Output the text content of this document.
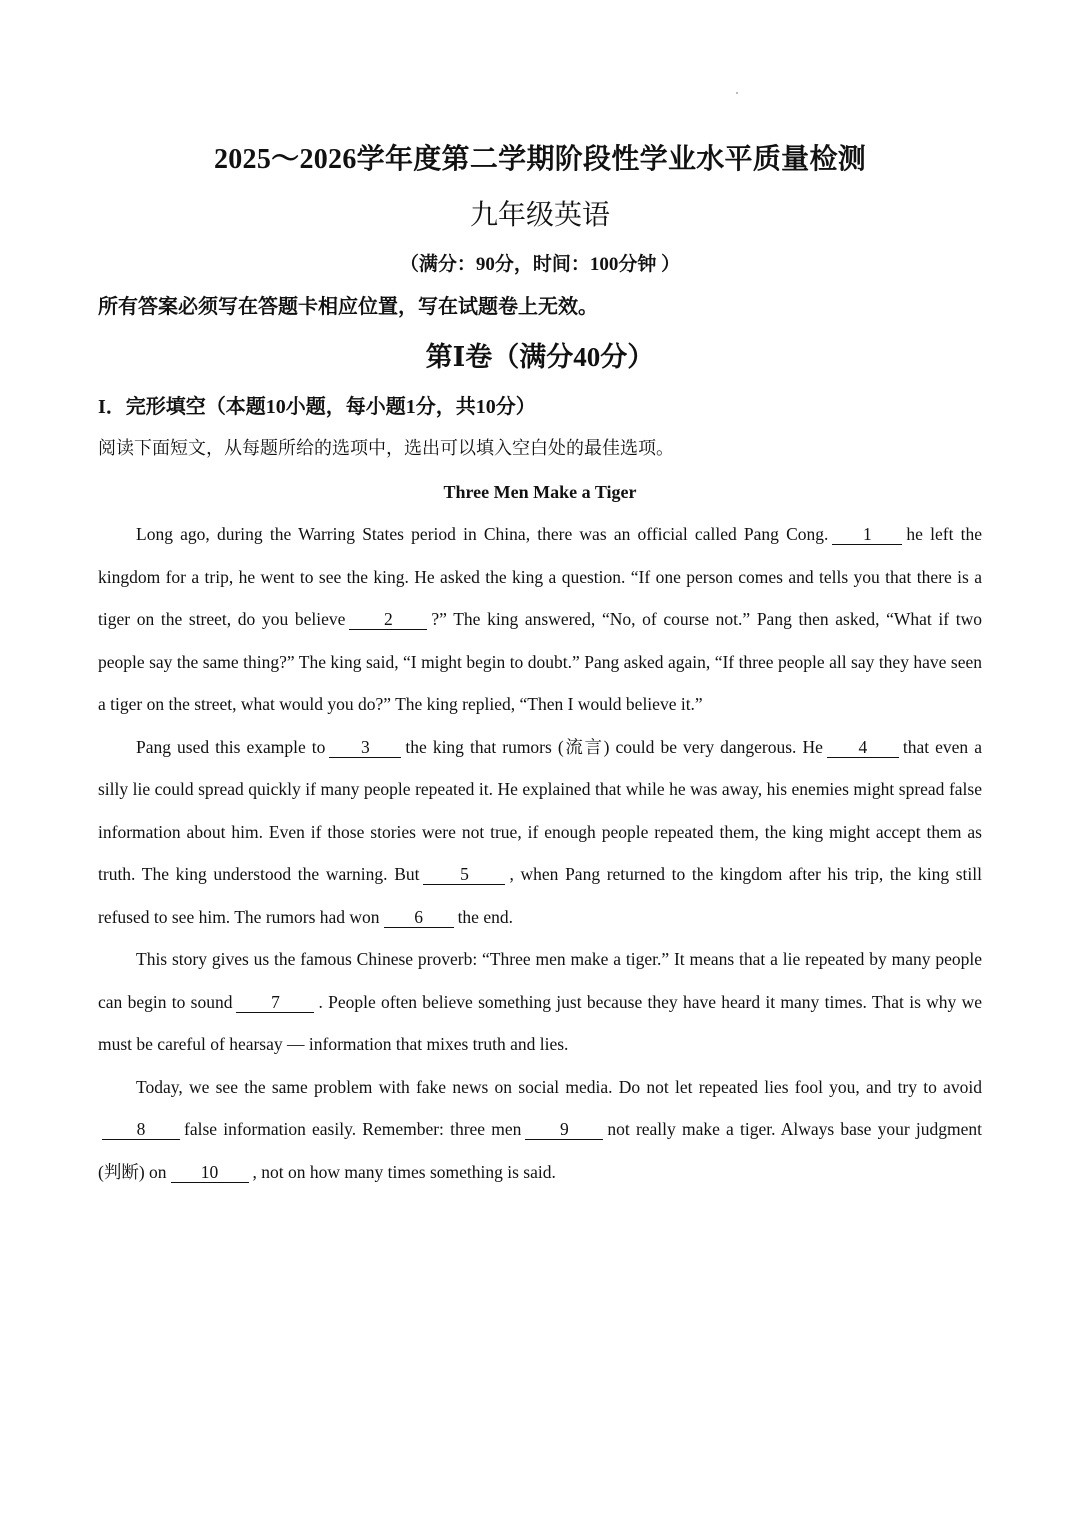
2025～2026学年度第二学期阶段性学业水平质量检测
九年级英语
（满分：90分，时间：100分钟 ）
所有答案必须写在答题卡相应位置，写在试题卷上无效。
第Ⅰ卷（满分40分）
I．完形填空（本题10小题，每小题1分，共10分）
阅读下面短文，从每题所给的选项中，选出可以填入空白处的最佳选项。
Three Men Make a Tiger

Long ago, during the Warring States period in China, there was an official called Pang Cong. 1 he left the kingdom for a trip, he went to see the king. He asked the king a question. “If one person comes and tells you that there is a tiger on the street, do you believe 2 ?” The king answered, “No, of course not.” Pang then asked, “What if two people say the same thing?” The king said, “I might begin to doubt.” Pang asked again, “If three people all say they have seen a tiger on the street, what would you do?” The king replied, “Then I would believe it.”

Pang used this example to 3 the king that rumors (流言) could be very dangerous. He 4 that even a silly lie could spread quickly if many people repeated it. He explained that while he was away, his enemies might spread false information about him. Even if those stories were not true, if enough people repeated them, the king might accept them as truth. The king understood the warning. But 5 , when Pang returned to the kingdom after his trip, the king still refused to see him. The rumors had won 6 the end.

This story gives us the famous Chinese proverb: “Three men make a tiger.” It means that a lie repeated by many people can begin to sound 7 . People often believe something just because they have heard it many times. That is why we must be careful of hearsay — information that mixes truth and lies.

Today, we see the same problem with fake news on social media. Do not let repeated lies fool you, and try to avoid8 false information easily. Remember: three men 9 not really make a tiger. Always base your judgment (判断) on 10 , not on how many times something is said.
